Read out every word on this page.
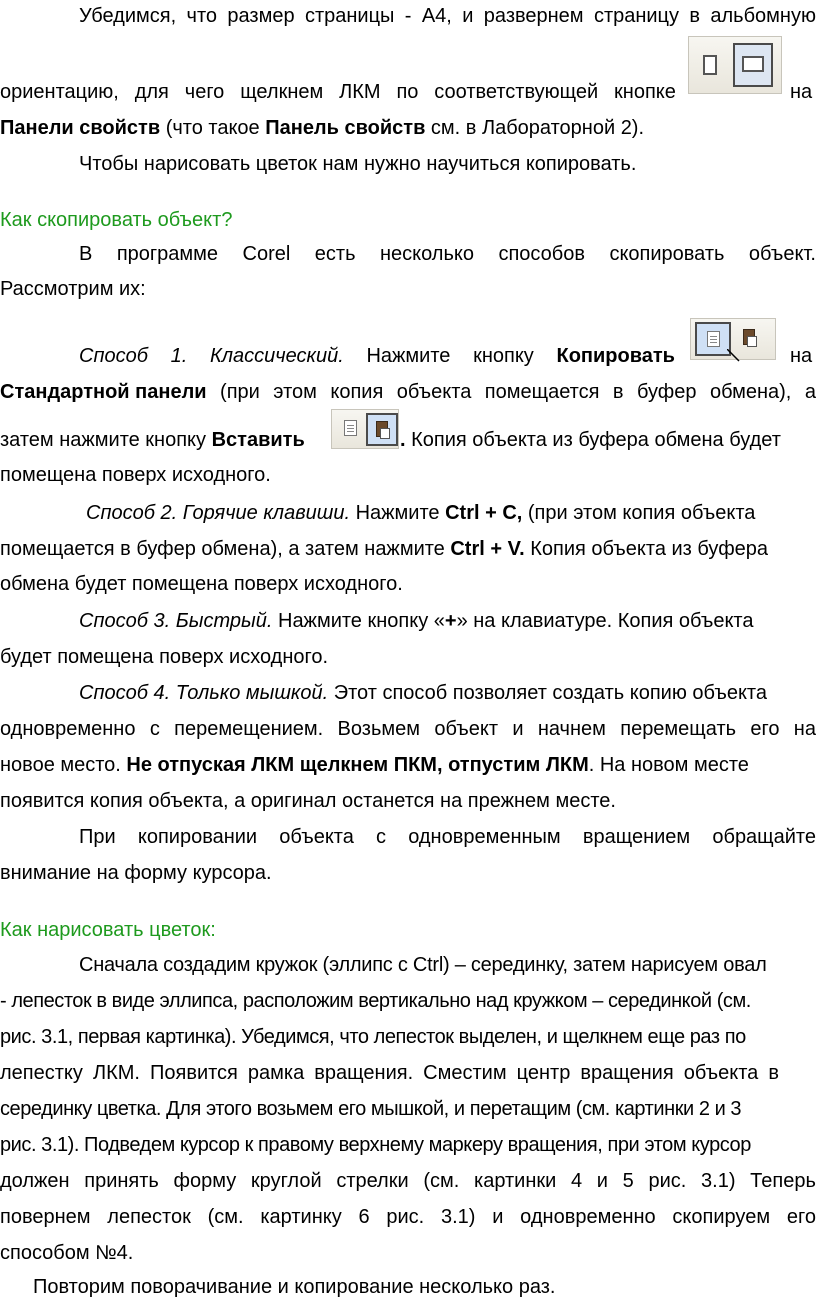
Убедимся, что размер страницы - А4, и развернем страницу в альбомную
ориентацию, для чего щелкнем ЛКМ по соответствующей кнопке	на
Панели свойств (что такое Панель свойств см. в Лабораторной 2).
Чтобы нарисовать цветок нам нужно научиться копировать.
Как скопировать объект?
В программе Corel есть несколько способов скопировать объект.
Рассмотрим их:
Способ 1. Классический. Нажмите кнопку Копировать	на
Стандартной панели (при этом копия объекта помещается в буфер обмена), а
затем нажмите кнопку Вставить	. Копия объекта из буфера обмена будет
помещена поверх исходного.
Способ 2. Горячие клавиши. Нажмите Ctrl + C, (при этом копия объекта
помещается в буфер обмена), а затем нажмите Ctrl + V. Копия объекта из буфера
обмена будет помещена поверх исходного.
Способ 3. Быстрый. Нажмите кнопку «+» на клавиатуре. Копия объекта
будет помещена поверх исходного.
Способ 4. Только мышкой. Этот способ позволяет создать копию объекта
одновременно с перемещением. Возьмем объект и начнем перемещать его на
новое место. Не отпуская ЛКМ щелкнем ПКМ, отпустим ЛКМ. На новом месте
появится копия объекта, а оригинал останется на прежнем месте.
При копировании объекта с одновременным вращением обращайте
внимание на форму курсора.
Как нарисовать цветок:
Сначала создадим кружок (эллипс с Ctrl) – серединку, затем нарисуем овал
- лепесток в виде эллипса, расположим вертикально над кружком – серединкой (см.
рис. 3.1, первая картинка). Убедимся, что лепесток выделен, и щелкнем еще раз по
лепестку ЛКМ. Появится рамка вращения. Сместим центр вращения объекта в
серединку цветка. Для этого возьмем его мышкой, и перетащим (см. картинки 2 и 3
рис. 3.1). Подведем курсор к правому верхнему маркеру вращения, при этом курсор
должен принять форму круглой стрелки (см. картинки 4 и 5 рис. 3.1) Теперь
повернем лепесток (см. картинку 6 рис. 3.1) и одновременно скопируем его
способом №4.
Повторим поворачивание и копирование несколько раз.
